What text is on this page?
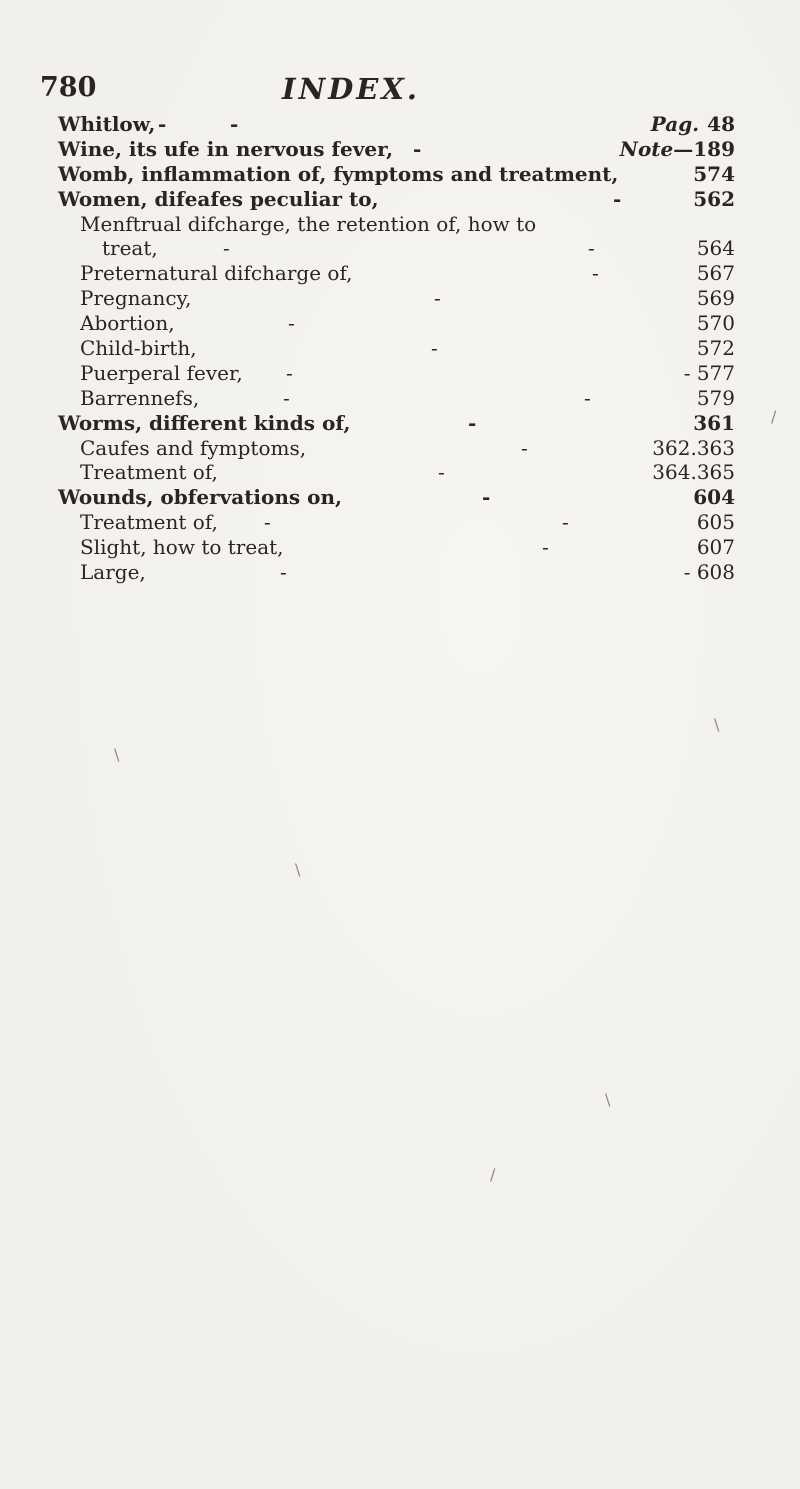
780	INDEX.
Whitlow, -	-	Pag. 48
Wine, its ufe in nervous fever, -	Note—189
Womb, inflammation of, fymptoms and treatment,	574
Women, difeafes peculiar to,	-	562
Menftrual difcharge, the retention of, how to
treat,	-	-	564
Preternatural difcharge of,	-	567
Pregnancy,	-	569
Abortion,	-	570
Child-birth,	-	572
Puerperal fever, -	- 577
Barrennefs,	-	-	579
Worms, different kinds of,	-	361
Caufes and fymptoms,	-	362.363
Treatment of,	-	364.365
Wounds, obfervations on,	-	604
Treatment of, -	-	605
Slight, how to treat,	-	607
Large,	-	- 608
/
\
\
\
\
/
